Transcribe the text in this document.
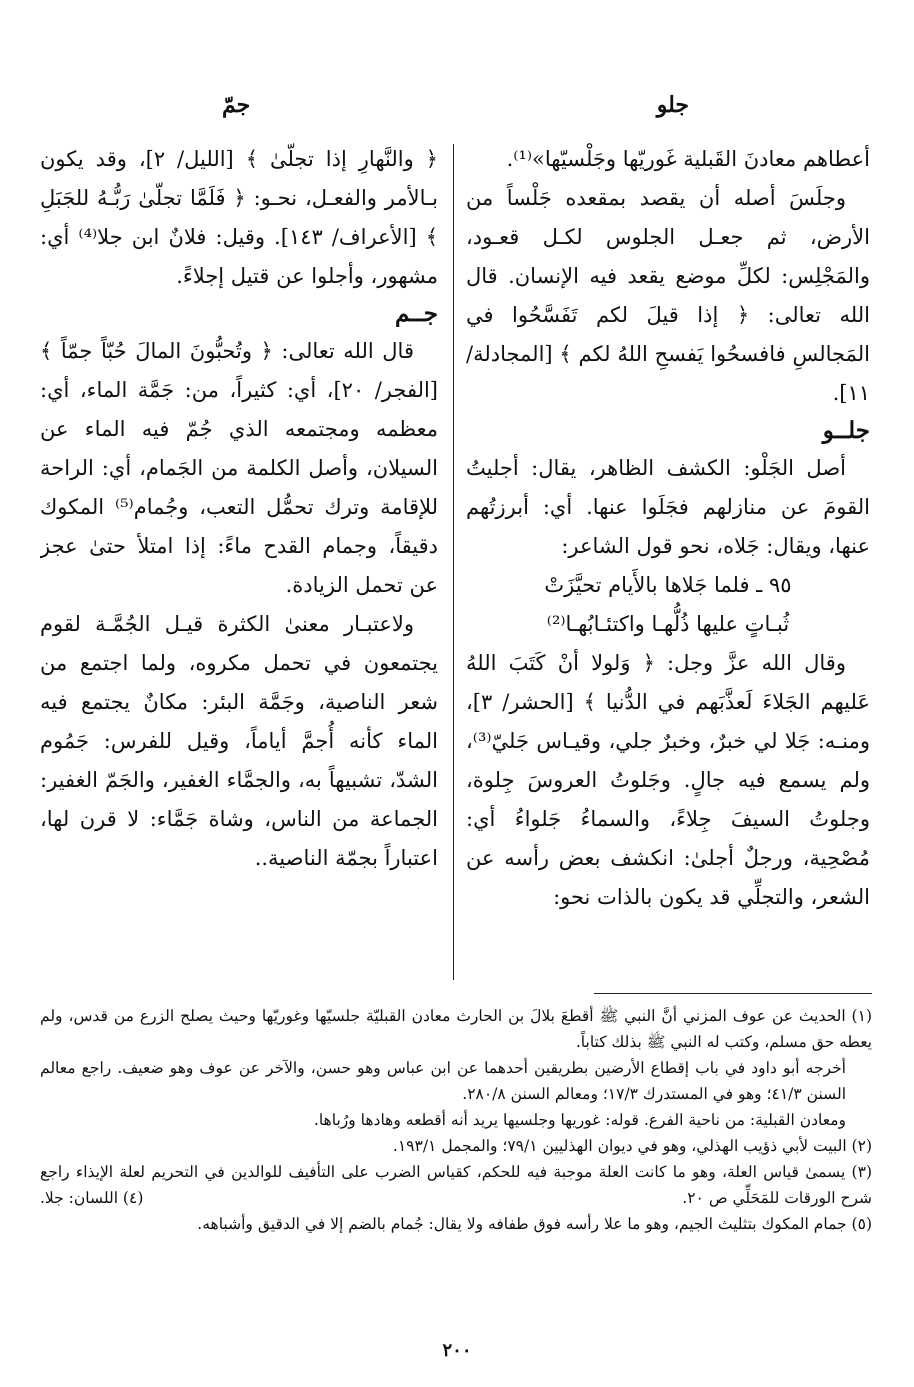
جلو
جمّ

أعطاهم معادنَ القَبلية غَوريّها وجَلْسيّها»⁽¹⁾.

وجلَسَ أصله أن يقصد بمقعده جَلْساً من الأرض، ثم جعـل الجلوس لكـل قعـود، والمَجْلِس: لكلِّ موضع يقعد فيه الإنسان. قال الله تعالى: ﴿ إذا قيلَ لكم تَفَسَّحُوا في المَجالسِ فافسحُوا يَفسحِ اللهُ لكم ﴾ [المجادلة/ ١١].

جلــو

أصل الجَلْو: الكشف الظاهر، يقال: أجليتُ القومَ عن منازلهم فجَلَوا عنها. أي: أبرزتُهم عنها، ويقال: جَلاه، نحو قول الشاعر:

٩٥ ـ فلما جَلاها بالأَيام تحيَّزَتْ

ثُبـاتٍ عليها ذُلُّهـا واكتئـابُهـا⁽²⁾

وقال الله عزَّ وجل: ﴿ وَلولا أنْ كَتَبَ اللهُ عَليهم الجَلاءَ لَعذَّبَهم في الدُّنيا ﴾ [الحشر/ ٣]، ومنـه: جَلا لي خبرٌ، وخبرٌ جلي، وقيـاس جَليّ⁽³⁾، ولم يسمع فيه جالٍ. وجَلوتُ العروسَ جِلوة، وجلوتُ السيفَ جِلاءً، والسماءُ جَلواءُ أي: مُصْحِية، ورجلٌ أجلىٰ: انكشف بعض رأسه عن الشعر، والتجلِّي قد يكون بالذات نحو:

﴿ والنَّهارِ إذا تجلّىٰ ﴾ [الليل/ ٢]، وقد يكون بـالأمر والفعـل، نحـو: ﴿ فَلَمَّا تجلّىٰ رَبُّـهُ للجَبَلِ ﴾ [الأعراف/ ١٤٣]. وقيل: فلانٌ ابن جلا⁽⁴⁾ أي: مشهور، وأجلوا عن قتيل إجلاءً.

جــم

قال الله تعالى: ﴿ وتُحبُّونَ المالَ حُبّاً جمّاً ﴾ [الفجر/ ٢٠]، أي: كثيراً، من: جَمَّة الماء، أي: معظمه ومجتمعه الذي جُمّ فيه الماء عن السيلان، وأصل الكلمة من الجَمام، أي: الراحة للإقامة وترك تحمُّل التعب، وجُمام⁽⁵⁾ المكوك دقيقاً، وجمام القدح ماءً: إذا امتلأ حتىٰ عجز عن تحمل الزيادة.

ولاعتبـار معنىٰ الكثرة قيـل الجُمَّـة لقوم يجتمعون في تحمل مكروه، ولما اجتمع من شعر الناصية، وجَمَّة البئر: مكانٌ يجتمع فيه الماء كأنه أُجمَّ أياماً، وقيل للفرس: جَمُوم الشدّ، تشبيهاً به، والجمَّاء الغفير، والجَمّ الغفير: الجماعة من الناس، وشاة جَمَّاء: لا قرن لها، اعتباراً بجمّة الناصية..

(١) الحديث عن عوف المزني أنَّ النبي ﷺ أقطعَ بلالَ بن الحارث معادن القبليّة جلسيّها وغوريّها وحيث يصلح الزرع من قدس، ولم يعطه حق مسلم، وكتب له النبي ﷺ بذلك كتاباً.

أخرجه أبو داود في باب إقطاع الأرضين بطريقين أحدهما عن ابن عباس وهو حسن، والآخر عن عوف وهو ضعيف. راجع معالم السنن ٤١/٣؛ وهو في المستدرك ١٧/٣؛ ومعالم السنن ٢٨٠/٨.

ومعادن القبلية: من ناحية الفرع. قوله: غوريها وجلسيها يريد أنه أقطعه وهادها ورُباها.

(٢) البيت لأبي ذؤيب الهذلي، وهو في ديوان الهذليين ٧٩/١؛ والمجمل ١٩٣/١.

(٣) يسمىٰ قياس العلة، وهو ما كانت العلة موجبة فيه للحكم، كقياس الضرب على التأفيف للوالدين في التحريم لعلة الإيذاء راجع شرح الورقات للمَحَلِّي ص ٢٠.
(٤) اللسان: جلا.

(٥) جمام المكوك بتثليث الجيم، وهو ما علا رأسه فوق طفافه ولا يقال: جُمام بالضم إلا في الدقيق وأشباهه.

٢٠٠
